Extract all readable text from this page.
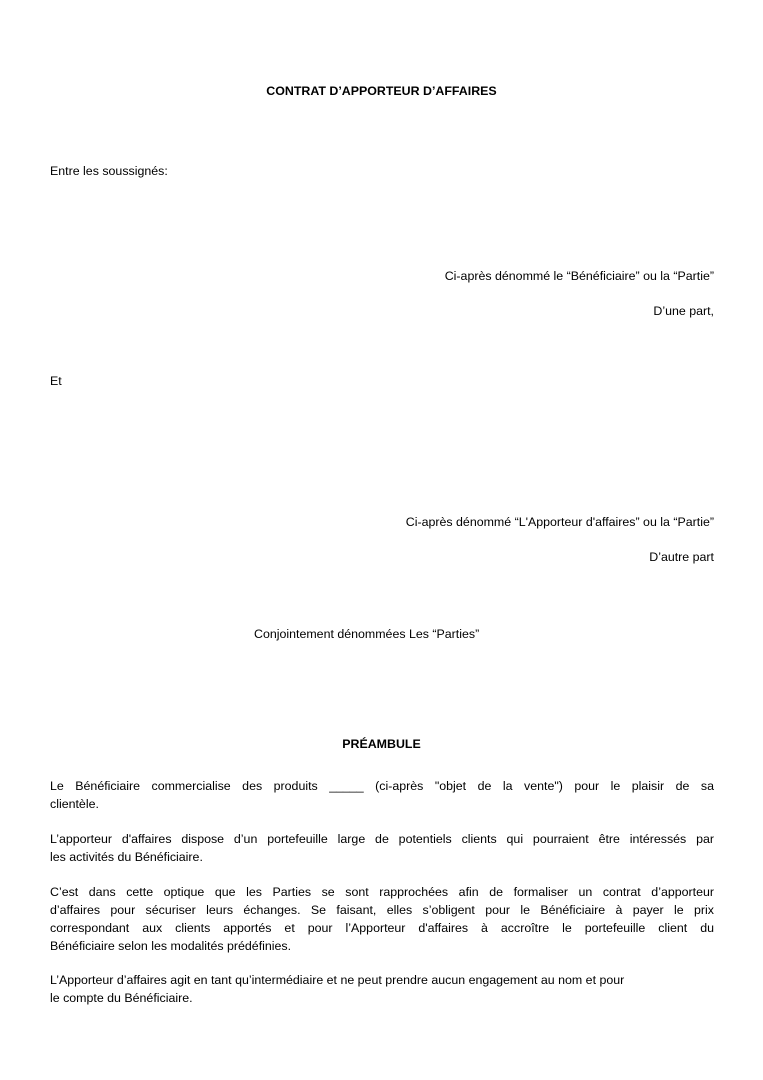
CONTRAT D’APPORTEUR D’AFFAIRES
Entre les soussignés:
Ci-après dénommé le “Bénéficiaire” ou la “Partie”
D’une part,
Et
Ci-après dénommé “L'Apporteur d'affaires” ou la “Partie”
D’autre part
Conjointement dénommées Les “Parties”
PRÉAMBULE
Le Bénéficiaire commercialise des produits _____ (ci-après "objet de la vente") pour le plaisir de sa
clientèle.
L’apporteur d'affaires dispose d’un portefeuille large de potentiels clients qui pourraient être intéressés par
les activités du Bénéficiaire.
C’est dans cette optique que les Parties se sont rapprochées afin de formaliser un contrat d’apporteur
d’affaires pour sécuriser leurs échanges. Se faisant, elles s’obligent pour le Bénéficiaire à payer le prix
correspondant aux clients apportés et pour l’Apporteur d'affaires à accroître le portefeuille client du
Bénéficiaire selon les modalités prédéfinies.
L’Apporteur d’affaires agit en tant qu’intermédiaire et ne peut prendre aucun engagement au nom et pour
le compte du Bénéficiaire.
